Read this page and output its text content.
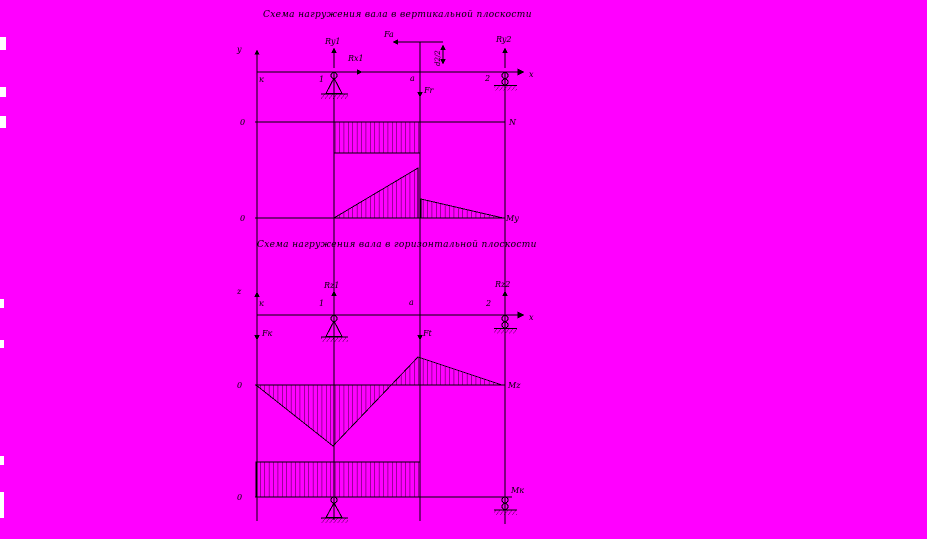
Схема нагружения вала в вертикальной плоскости
y
x
к	1	а	2
Ry1
Rx1
Fa
d2/2
Fr
Ry2
0	N
0	My
Схема нагружения вала в горизонтальной плоскости
z
x
к	1	а	2
Rz1
Fк	Ft
Rz2
0	Mz
0
Mк
